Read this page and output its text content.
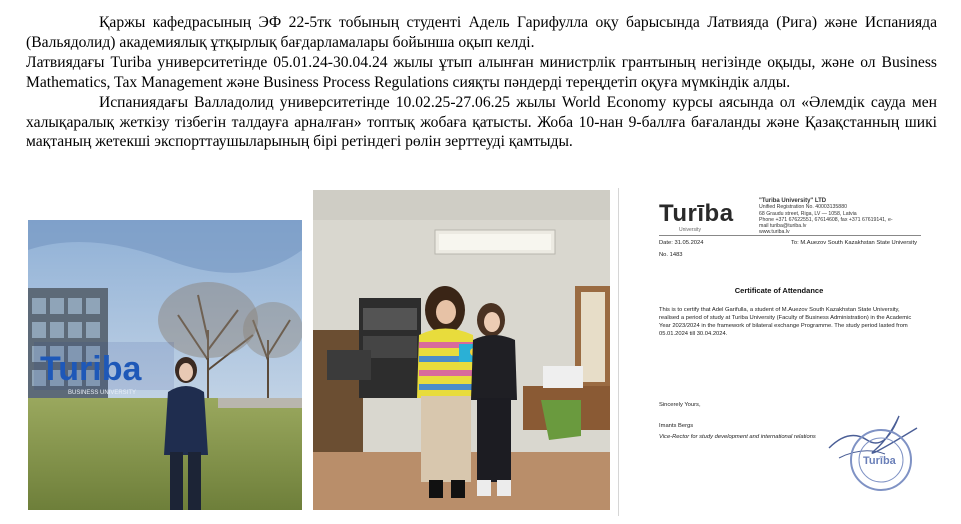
Қаржы кафедрасының ЭФ 22-5тк тобының студенті Адель Гарифулла оқу барысында Латвияда (Рига) және Испанияда (Вальядолид) академиялық ұтқырлық бағдарламалары бойынша оқып келді.

Латвиядағы Turiba университетінде 05.01.24-30.04.24 жылы ұтып алынған министрлік грантының негізінде оқыды, және ол Business Mathematics, Tax Management және Business Process Regulations сияқты пәндерді тереңдетіп оқуға мүмкіндік алды.

Испаниядағы Валладолид университетінде 10.02.25-27.06.25 жылы World Economy курсы аясында ол «Әлемдік сауда мен халықаралық жеткізу тізбегін талдауға арналған» топтық жобаға қатысты. Жоба 10-нан 9-баллға бағаланды және Қазақстанның шикі мақтаның жетекші экспорттаушыларының бірі ретіндегі рөлін зерттеуді қамтыды.

Turiba
BUSINESS UNIVERSITY
Turība
University
"Turiba University" LTD
Unified Registration No. 40003135880
68 Graudu street, Riga, LV — 1058, Latvia
Phone +371 67622551, 67614608, fax +371 67619141, e-mail turiba@turiba.lv
www.turiba.lv
Date: 31.05.2024
No. 1483
To: M.Auezov South Kazakhstan State University
Certificate of Attendance
This is to certify that Adel Garifulla, a student of M.Auezov South Kazakhstan State University, realised a period of study at Turiba University (Faculty of Business Administration) in the Academic Year 2023/2024 in the framework of bilateral exchange Programme. The study period lasted from 05.01.2024 till 30.04.2024.
Sincerely Yours,
Imants Bergs
Vice-Rector for study development and international relations
Turība
